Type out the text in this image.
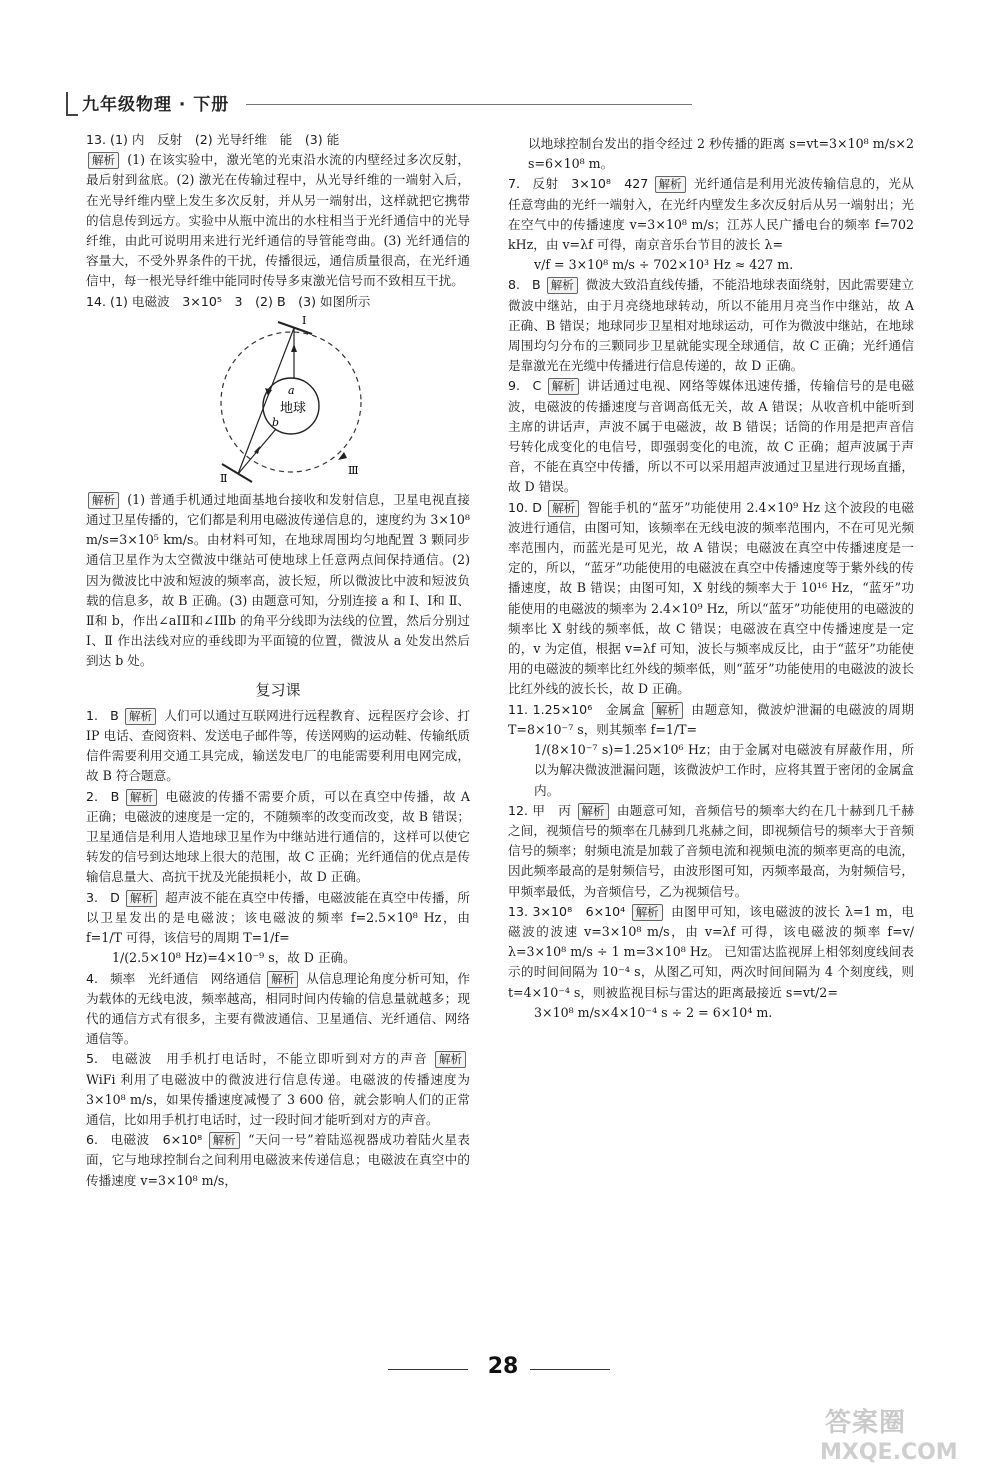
九年级物理 · 下册
13. (1) 内　反射　(2) 光导纤维　能　(3) 能
解析 (1) 在该实验中，激光笔的光束沿水流的内壁经过多次反射，最后射到盆底。(2) 激光在传输过程中，从光导纤维的一端射入后，在光导纤维内壁上发生多次反射，并从另一端射出，这样就把它携带的信息传到远方。实验中从瓶中流出的水柱相当于光纤通信中的光导纤维，由此可说明用来进行光纤通信的导管能弯曲。(3) 光纤通信的容量大，不受外界条件的干扰，传播很远，通信质量很高，在光纤通信中，每一根光导纤维中能同时传导多束激光信号而不致相互干扰。
14. (1) 电磁波　3×10⁵　3　(2) B　(3) 如图所示
地球
Ⅰ
Ⅱ
Ⅲ
a
b
解析 (1) 普通手机通过地面基地台接收和发射信息，卫星电视直接通过卫星传播的，它们都是利用电磁波传递信息的，速度约为 3×10⁸ m/s=3×10⁵ km/s。由材料可知，在地球周围均匀地配置 3 颗同步通信卫星作为太空微波中继站可使地球上任意两点间保持通信。(2) 因为微波比中波和短波的频率高，波长短，所以微波比中波和短波负载的信息多，故 B 正确。(3) 由题意可知，分别连接 a 和 Ⅰ、Ⅰ和 Ⅱ、Ⅱ和 b，作出∠aⅠⅡ和∠ⅠⅡb 的角平分线即为法线的位置，然后分别过 Ⅰ、Ⅱ 作出法线对应的垂线即为平面镜的位置，微波从 a 处发出然后到达 b 处。
复习课
1. B 解析 人们可以通过互联网进行远程教育、远程医疗会诊、打 IP 电话、查阅资料、发送电子邮件等，传送网购的运动鞋、传输纸质信件需要利用交通工具完成，输送发电厂的电能需要利用电网完成，故 B 符合题意。
2. B 解析 电磁波的传播不需要介质，可以在真空中传播，故 A 正确；电磁波的速度是一定的，不随频率的改变而改变，故 B 错误；卫星通信是利用人造地球卫星作为中继站进行通信的，这样可以使它转发的信号到达地球上很大的范围，故 C 正确；光纤通信的优点是传输信息量大、高抗干扰及光能损耗小，故 D 正确。
3. D 解析 超声波不能在真空中传播，电磁波能在真空中传播，所以卫星发出的是电磁波；该电磁波的频率 f=2.5×10⁸ Hz，由 f=1/T 可得，该信号的周期 T=1/f=
1/(2.5×10⁸ Hz)=4×10⁻⁹ s，故 D 正确。
4. 频率　光纤通信　网络通信 解析 从信息理论角度分析可知，作为载体的无线电波，频率越高，相同时间内传输的信息量就越多；现代的通信方式有很多，主要有微波通信、卫星通信、光纤通信、网络通信等。
5. 电磁波　用手机打电话时，不能立即听到对方的声音 解析 WiFi 利用了电磁波中的微波进行信息传递。电磁波的传播速度为 3×10⁸ m/s，如果传播速度减慢了 3 600 倍，就会影响人们的正常通信，比如用手机打电话时，过一段时间才能听到对方的声音。
6. 电磁波　6×10⁸ 解析 “天问一号”着陆巡视器成功着陆火星表面，它与地球控制台之间利用电磁波来传递信息；电磁波在真空中的传播速度 v=3×10⁸ m/s，
以地球控制台发出的指令经过 2 秒传播的距离 s=vt=3×10⁸ m/s×2 s=6×10⁸ m。
7. 反射　3×10⁸　427 解析 光纤通信是利用光波传输信息的，光从任意弯曲的光纤一端射入，在光纤内壁发生多次反射后从另一端射出；光在空气中的传播速度 v=3×10⁸ m/s；江苏人民广播电台的频率 f=702 kHz，由 v=λf 可得，南京音乐台节目的波长 λ=
v/f = 3×10⁸ m/s ÷ 702×10³ Hz ≈ 427 m.
8. B 解析 微波大致沿直线传播，不能沿地球表面绕射，因此需要建立微波中继站，由于月亮绕地球转动，所以不能用月亮当作中继站，故 A 正确、B 错误；地球同步卫星相对地球运动，可作为微波中继站，在地球周围均匀分布的三颗同步卫星就能实现全球通信，故 C 正确；光纤通信是靠激光在光缆中传播进行信息传递的，故 D 正确。
9. C 解析 讲话通过电视、网络等媒体迅速传播，传输信号的是电磁波，电磁波的传播速度与音调高低无关，故 A 错误；从收音机中能听到主席的讲话声，声波不属于电磁波，故 B 错误；话筒的作用是把声音信号转化成变化的电信号，即强弱变化的电流，故 C 正确；超声波属于声音，不能在真空中传播，所以不可以采用超声波通过卫星进行现场直播，故 D 错误。
10. D 解析 智能手机的“蓝牙”功能使用 2.4×10⁹ Hz 这个波段的电磁波进行通信，由图可知，该频率在无线电波的频率范围内，不在可见光频率范围内，而蓝光是可见光，故 A 错误；电磁波在真空中传播速度是一定的，所以，“蓝牙”功能使用的电磁波在真空中传播速度等于紫外线的传播速度，故 B 错误；由图可知，X 射线的频率大于 10¹⁶ Hz，“蓝牙”功能使用的电磁波的频率为 2.4×10⁹ Hz，所以“蓝牙”功能使用的电磁波的频率比 X 射线的频率低，故 C 错误；电磁波在真空中传播速度是一定的，v 为定值，根据 v=λf 可知，波长与频率成反比，由于“蓝牙”功能使用的电磁波的频率比红外线的频率低，则“蓝牙”功能使用的电磁波的波长比红外线的波长长，故 D 正确。
11. 1.25×10⁶　金属盒 解析 由题意知，微波炉泄漏的电磁波的周期 T=8×10⁻⁷ s，则其频率 f=1/T=
1/(8×10⁻⁷ s)=1.25×10⁶ Hz；由于金属对电磁波有屏蔽作用，所以为解决微波泄漏问题，该微波炉工作时，应将其置于密闭的金属盒内。
12. 甲　丙 解析 由题意可知，音频信号的频率大约在几十赫到几千赫之间，视频信号的频率在几赫到几兆赫之间，即视频信号的频率大于音频信号的频率；射频电流是加载了音频电流和视频电流的频率更高的电流，因此频率最高的是射频信号，由波形图可知，丙频率最高，为射频信号，甲频率最低，为音频信号，乙为视频信号。
13. 3×10⁸　6×10⁴ 解析 由图甲可知，该电磁波的波长 λ=1 m，电磁波的波速 v=3×10⁸ m/s，由 v=λf 可得，该电磁波的频率 f=v/λ=3×10⁸ m/s ÷ 1 m=3×10⁸ Hz。 已知雷达监视屏上相邻刻度线间表示的时间间隔为 10⁻⁴ s，从图乙可知，两次时间间隔为 4 个刻度线，则 t=4×10⁻⁴ s，则被监视目标与雷达的距离最接近 s=vt/2=
3×10⁸ m/s×4×10⁻⁴ s ÷ 2 = 6×10⁴ m.
28
答案圈
MXQE.COM
